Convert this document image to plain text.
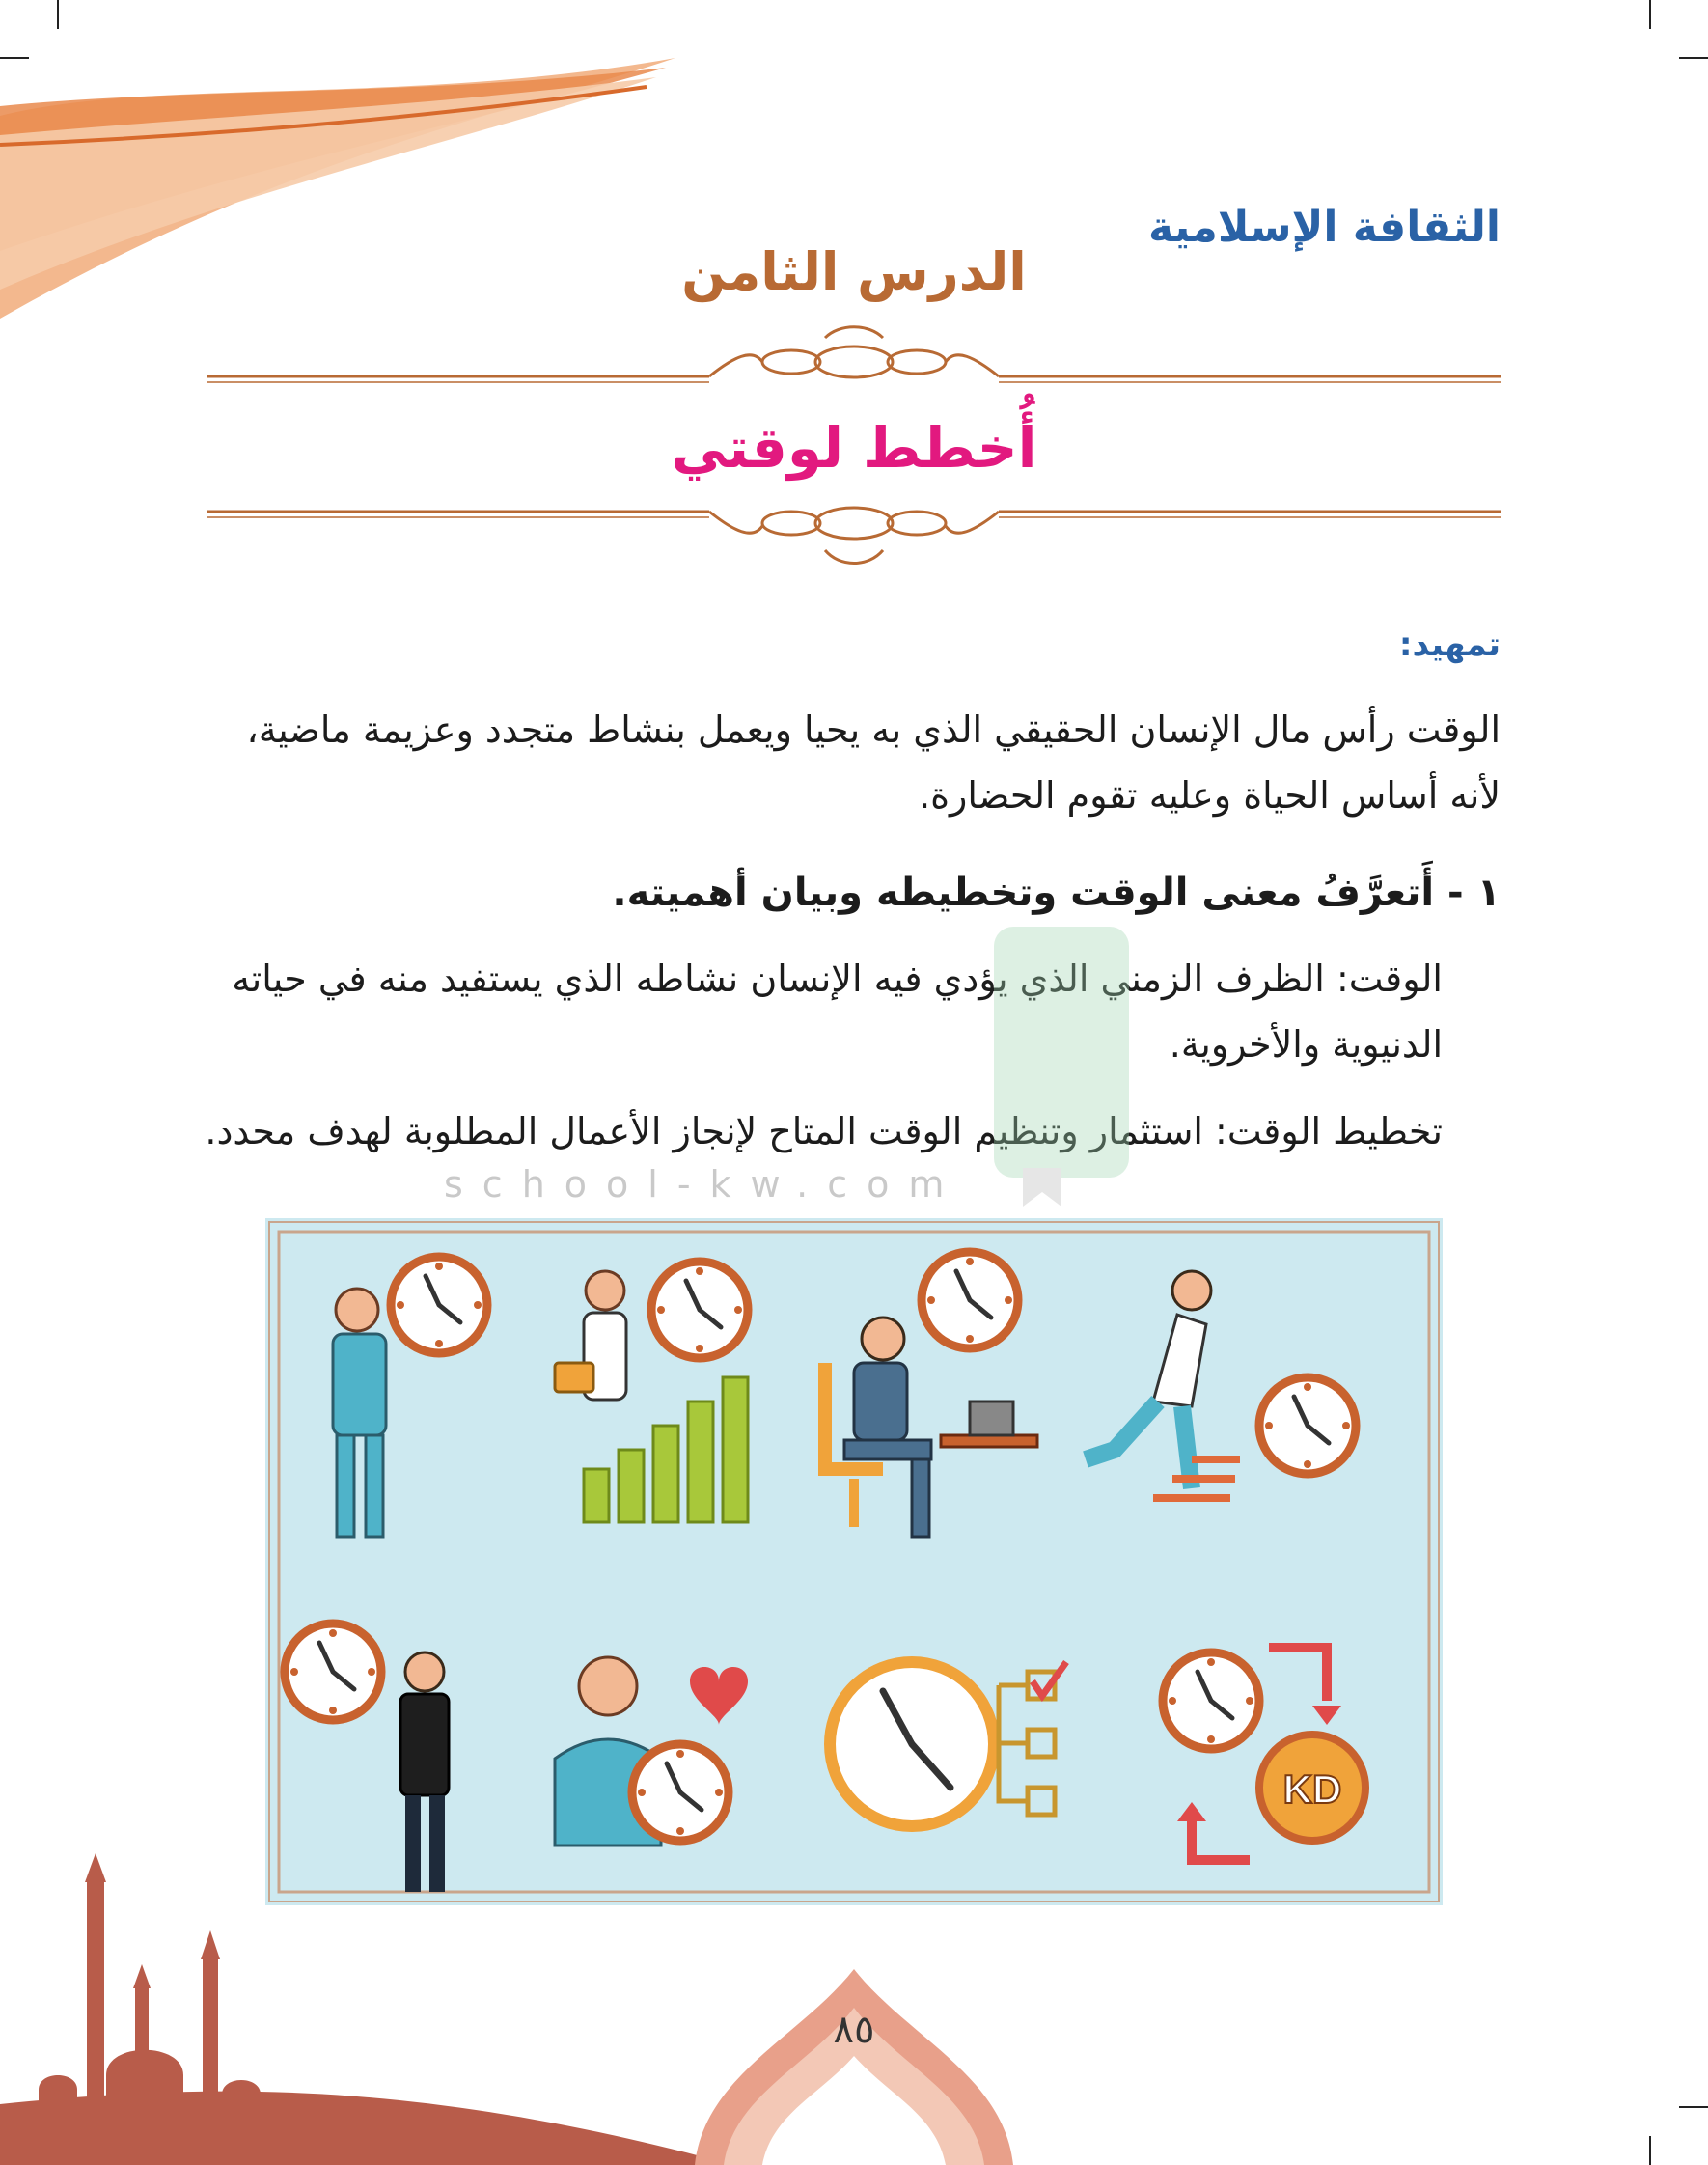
الثقافة الإسلامية
الدرس الثامن
أُخطط لوقتي
تمهيد:
الوقت رأس مال الإنسان الحقيقي الذي به يحيا ويعمل بنشاط متجدد وعزيمة ماضية، لأنه أساس الحياة وعليه تقوم الحضارة.
١ - أَتعرَّفُ معنى الوقت وتخطيطه وبيان أهميته.
الوقت: الظرف الزمني الذي يؤدي فيه الإنسان نشاطه الذي يستفيد منه في حياته الدنيوية والأخروية.
تخطيط الوقت: استثمار وتنظيم الوقت المتاح لإنجاز الأعمال المطلوبة لهدف محدد.
school-kw.com
KD
٨٥
